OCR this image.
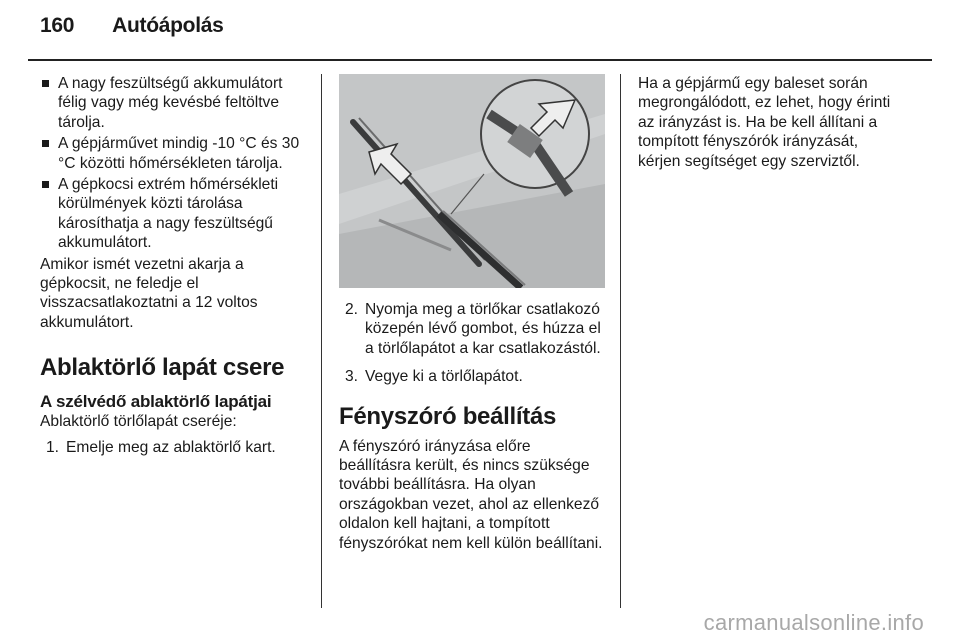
160 Autóápolás
A nagy feszültségű akkumulátort félig vagy még kevésbé feltöltve tárolja.
A gépjárművet mindig -10 °C és 30 °C közötti hőmérsékleten tárolja.
A gépkocsi extrém hőmérsékleti körülmények közti tárolása károsíthatja a nagy feszültségű akkumulátort.

Amikor ismét vezetni akarja a gépkocsit, ne feledje el visszacsatlakoztatni a 12 voltos akkumulátort.

Ablaktörlő lapát csere
A szélvédő ablaktörlő lapátjai

Ablaktörlő törlőlapát cseréje:

1. Emelje meg az ablaktörlő kart.
2. Nyomja meg a törlőkar csatlakozó közepén lévő gombot, és húzza el a törlőlapátot a kar csatlakozástól.
3. Vegye ki a törlőlapátot.
Fényszóró beállítás

A fényszóró irányzása előre beállításra került, és nincs szüksége további beállításra. Ha olyan országokban vezet, ahol az ellenkező oldalon kell hajtani, a tompított fényszórókat nem kell külön beállítani.

Ha a gépjármű egy baleset során megrongálódott, ez lehet, hogy érinti az irányzást is. Ha be kell állítani a tompított fényszórók irányzását, kérjen segítséget egy szerviztől.

carmanualsonline.info
